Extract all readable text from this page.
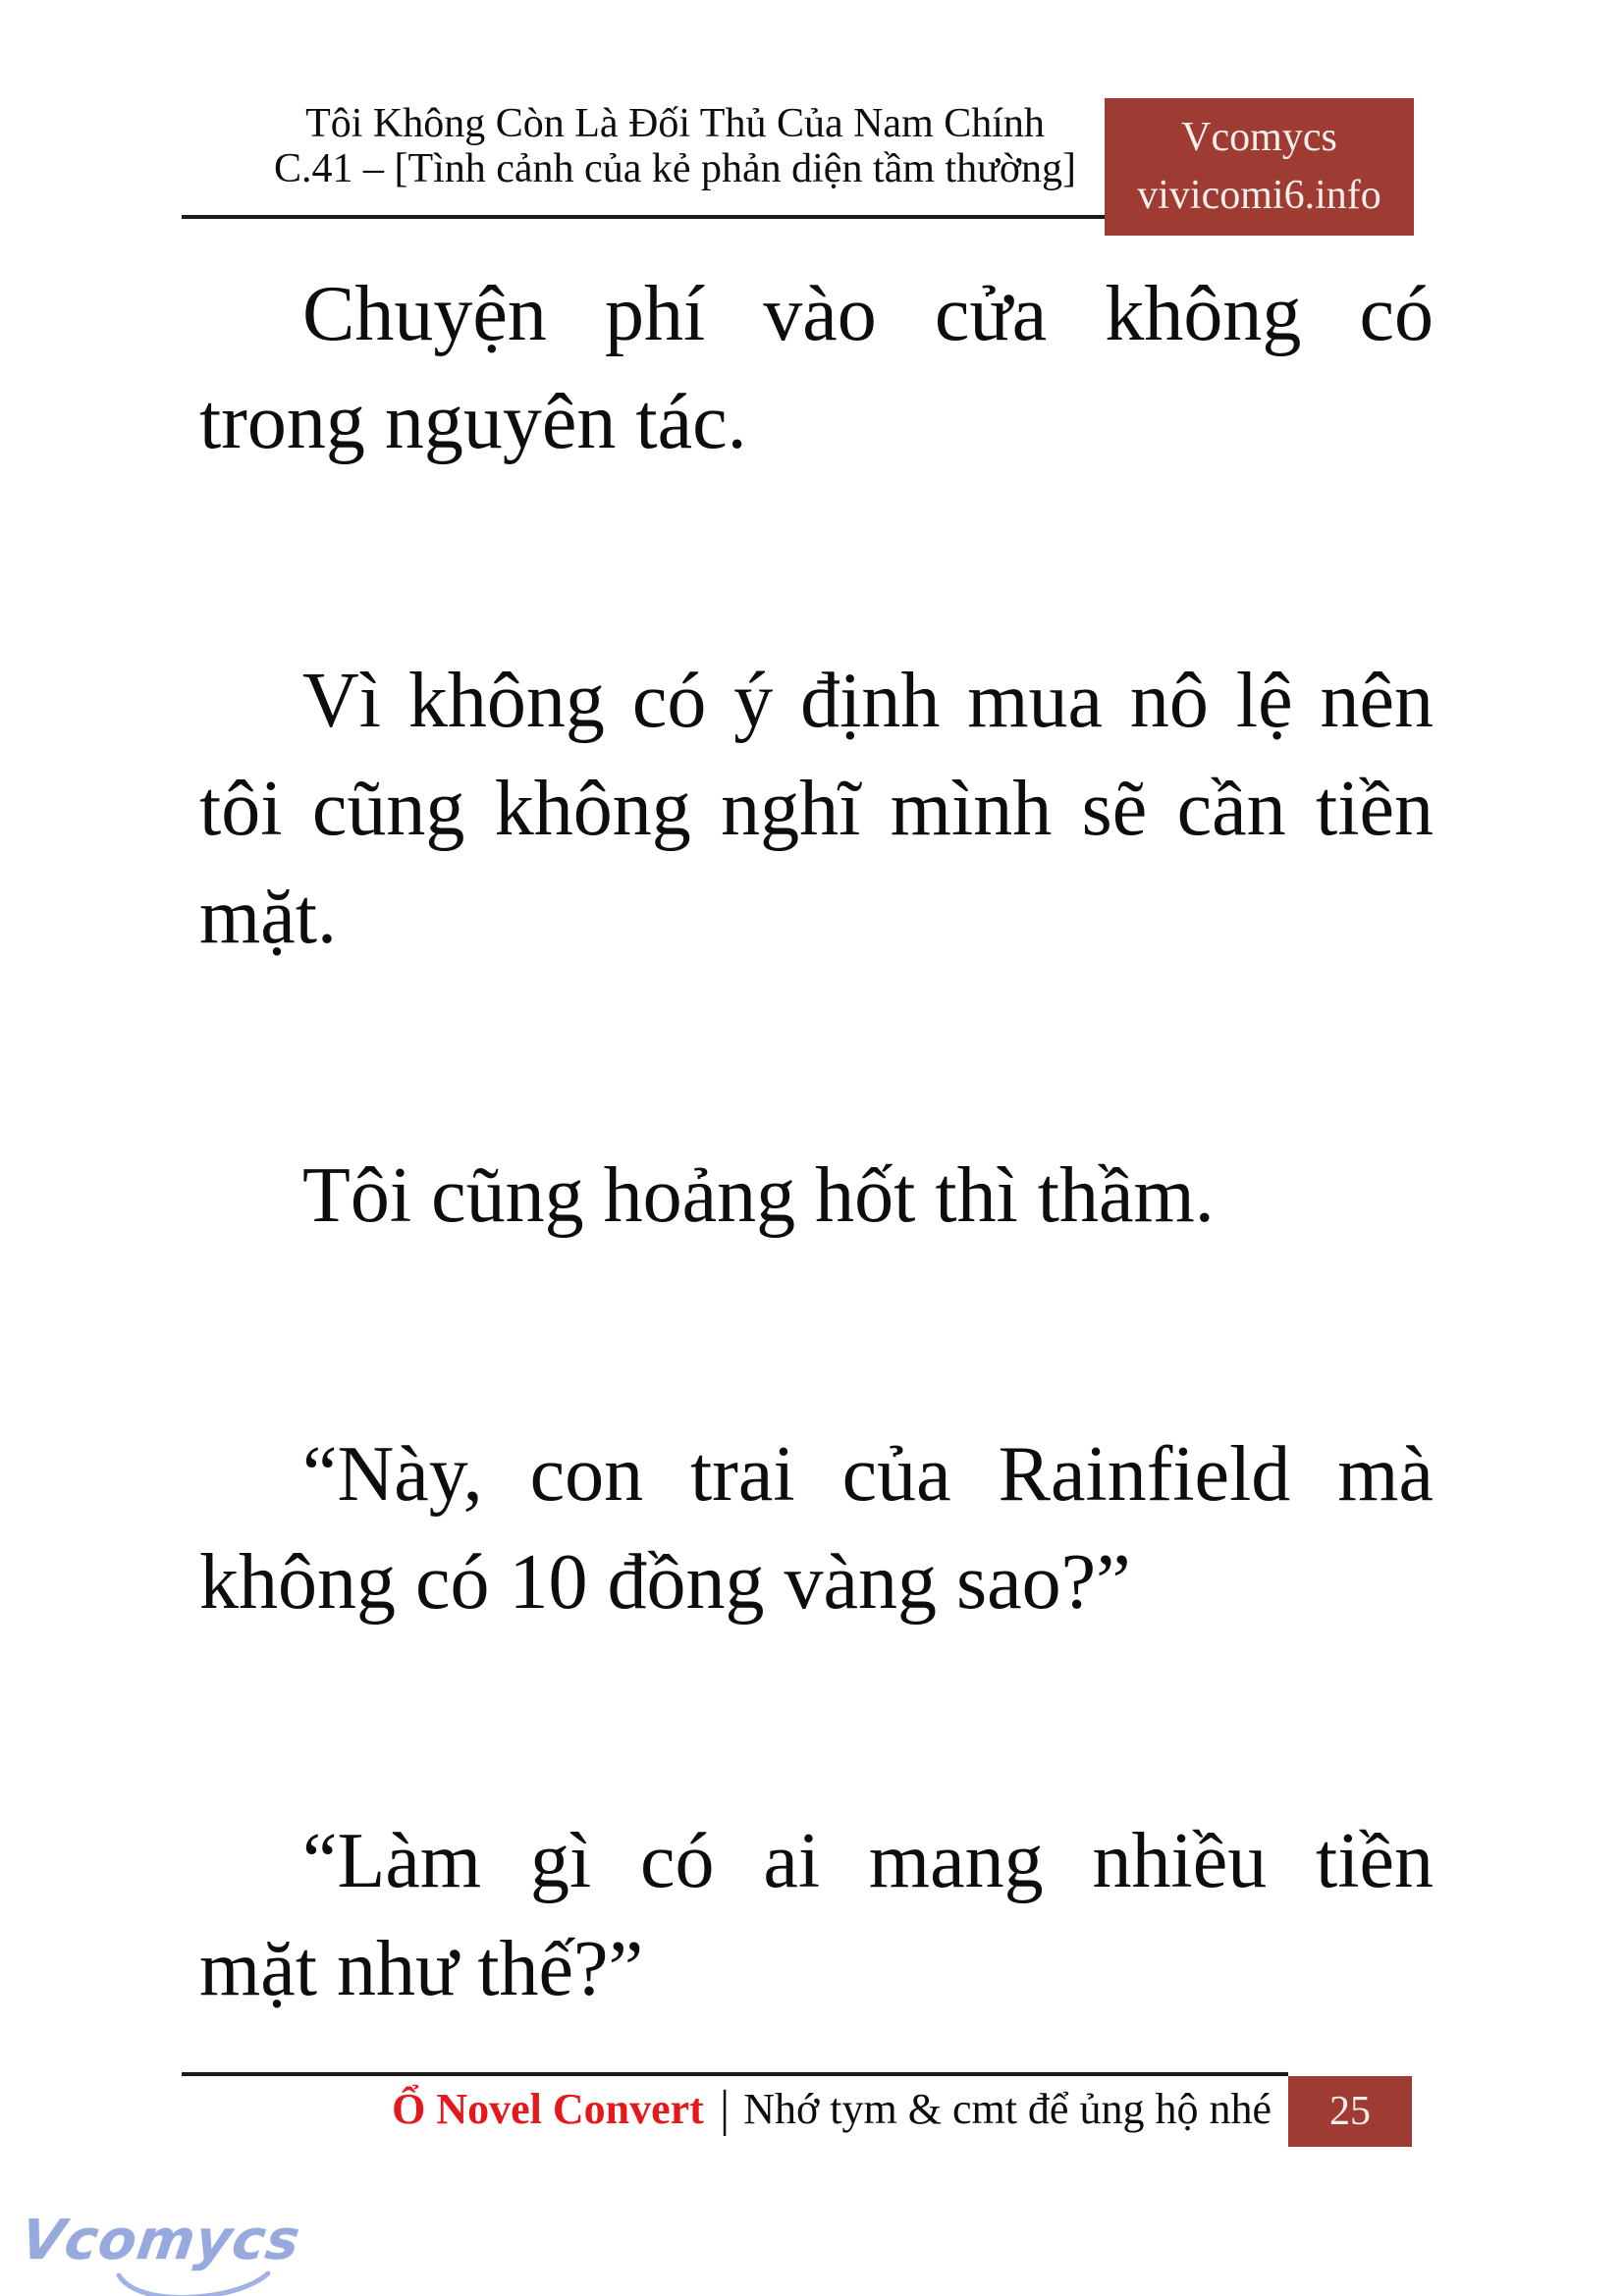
Tôi Không Còn Là Đối Thủ Của Nam Chính
C.41 – [Tình cảnh của kẻ phản diện tầm thường]
Vcomycs
vivicomi6.info
Chuyện phí vào cửa không có
trong nguyên tác.
Vì không có ý định mua nô lệ nên
tôi cũng không nghĩ mình sẽ cần tiền
mặt.
Tôi cũng hoảng hốt thì thầm.
“Này, con trai của Rainfield mà
không có 10 đồng vàng sao?”
“Làm gì có ai mang nhiều tiền
mặt như thế?”
Ổ Novel Convert | Nhớ tym & cmt để ủng hộ nhé 25
Vcomycs
